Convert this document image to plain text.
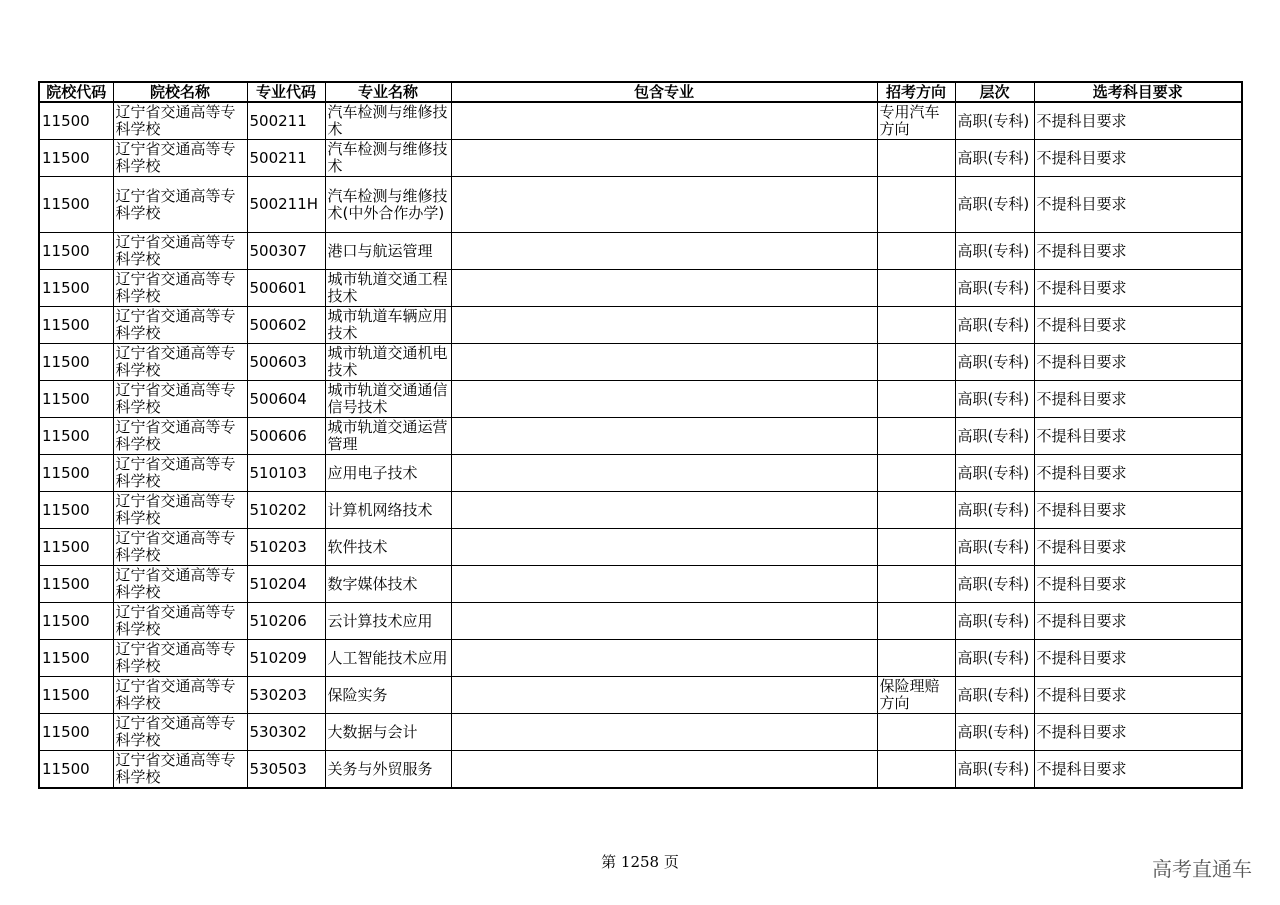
院校代码	院校名称	专业代码	专业名称	包含专业	招考方向	层次	选考科目要求
11500	辽宁省交通高等专科学校	500211	汽车检测与维修技术		专用汽车方向	高职(专科)	不提科目要求
11500	辽宁省交通高等专科学校	500211	汽车检测与维修技术			高职(专科)	不提科目要求
11500	辽宁省交通高等专科学校	500211H	汽车检测与维修技术(中外合作办学)			高职(专科)	不提科目要求
11500	辽宁省交通高等专科学校	500307	港口与航运管理			高职(专科)	不提科目要求
11500	辽宁省交通高等专科学校	500601	城市轨道交通工程技术			高职(专科)	不提科目要求
11500	辽宁省交通高等专科学校	500602	城市轨道车辆应用技术			高职(专科)	不提科目要求
11500	辽宁省交通高等专科学校	500603	城市轨道交通机电技术			高职(专科)	不提科目要求
11500	辽宁省交通高等专科学校	500604	城市轨道交通通信信号技术			高职(专科)	不提科目要求
11500	辽宁省交通高等专科学校	500606	城市轨道交通运营管理			高职(专科)	不提科目要求
11500	辽宁省交通高等专科学校	510103	应用电子技术			高职(专科)	不提科目要求
11500	辽宁省交通高等专科学校	510202	计算机网络技术			高职(专科)	不提科目要求
11500	辽宁省交通高等专科学校	510203	软件技术			高职(专科)	不提科目要求
11500	辽宁省交通高等专科学校	510204	数字媒体技术			高职(专科)	不提科目要求
11500	辽宁省交通高等专科学校	510206	云计算技术应用			高职(专科)	不提科目要求
11500	辽宁省交通高等专科学校	510209	人工智能技术应用			高职(专科)	不提科目要求
11500	辽宁省交通高等专科学校	530203	保险实务		保险理赔方向	高职(专科)	不提科目要求
11500	辽宁省交通高等专科学校	530302	大数据与会计			高职(专科)	不提科目要求
11500	辽宁省交通高等专科学校	530503	关务与外贸服务			高职(专科)	不提科目要求
第 1258 页	高考直通车
